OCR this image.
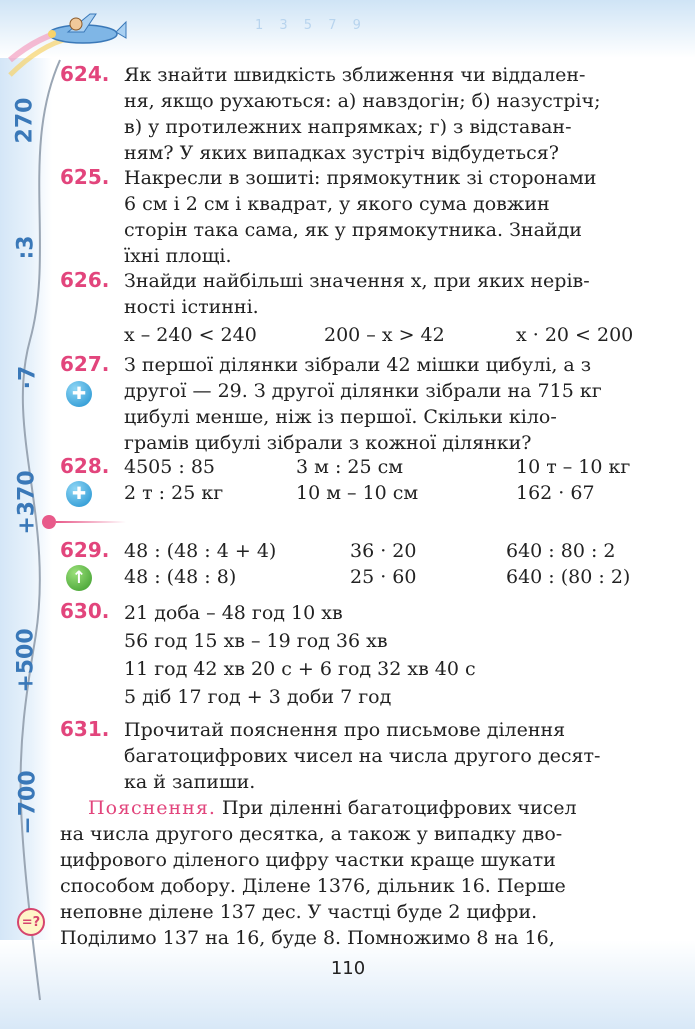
1 3 5 7 9
270
:3
·7
+370
+500
−700
624. Як знайти швидкість зближення чи віддален-
ня, якщо рухаються: а) навздогін; б) назустріч;
в) у протилежних напрямках; г) з відставан-
ням? У яких випадках зустріч відбудеться?
625. Накресли в зошиті: прямокутник зі сторонами
6 см і 2 см і квадрат, у якого сума довжин
сторін така сама, як у прямокутника. Знайди
їхні площі.
626. Знайди найбільші значення x, при яких нерів-
ності істинні.
x – 240 < 240	200 – x > 42	x · 20 < 200
✚
627. З першої ділянки зібрали 42 мішки цибулі, а з
другої — 29. З другої ділянки зібрали на 715 кг
цибулі менше, ніж із першої. Скільки кіло-
грамів цибулі зібрали з кожної ділянки?
✚
628. 4505 : 85	3 м : 25 см	10 т – 10 кг
2 т : 25 кг	10 м – 10 см	162 · 67
↑
629. 48 : (48 : 4 + 4)	36 · 20	640 : 80 : 2
48 : (48 : 8)	25 · 60	640 : (80 : 2)
630. 21 доба – 48 год 10 хв
56 год 15 хв – 19 год 36 хв
11 год 42 хв 20 с + 6 год 32 хв 40 с
5 діб 17 год + 3 доби 7 год
631. Прочитай пояснення про письмове ділення
багатоцифрових чисел на числа другого десят-
ка й запиши.
Пояснення. При діленні багатоцифрових чисел
на числа другого десятка, а також у випадку дво-
цифрового діленого цифру частки краще шукати
способом добору. Ділене 1376, дільник 16. Перше
неповне ділене 137 дес. У частці буде 2 цифри.
Поділимо 137 на 16, буде 8. Помножимо 8 на 16,
=?
110
